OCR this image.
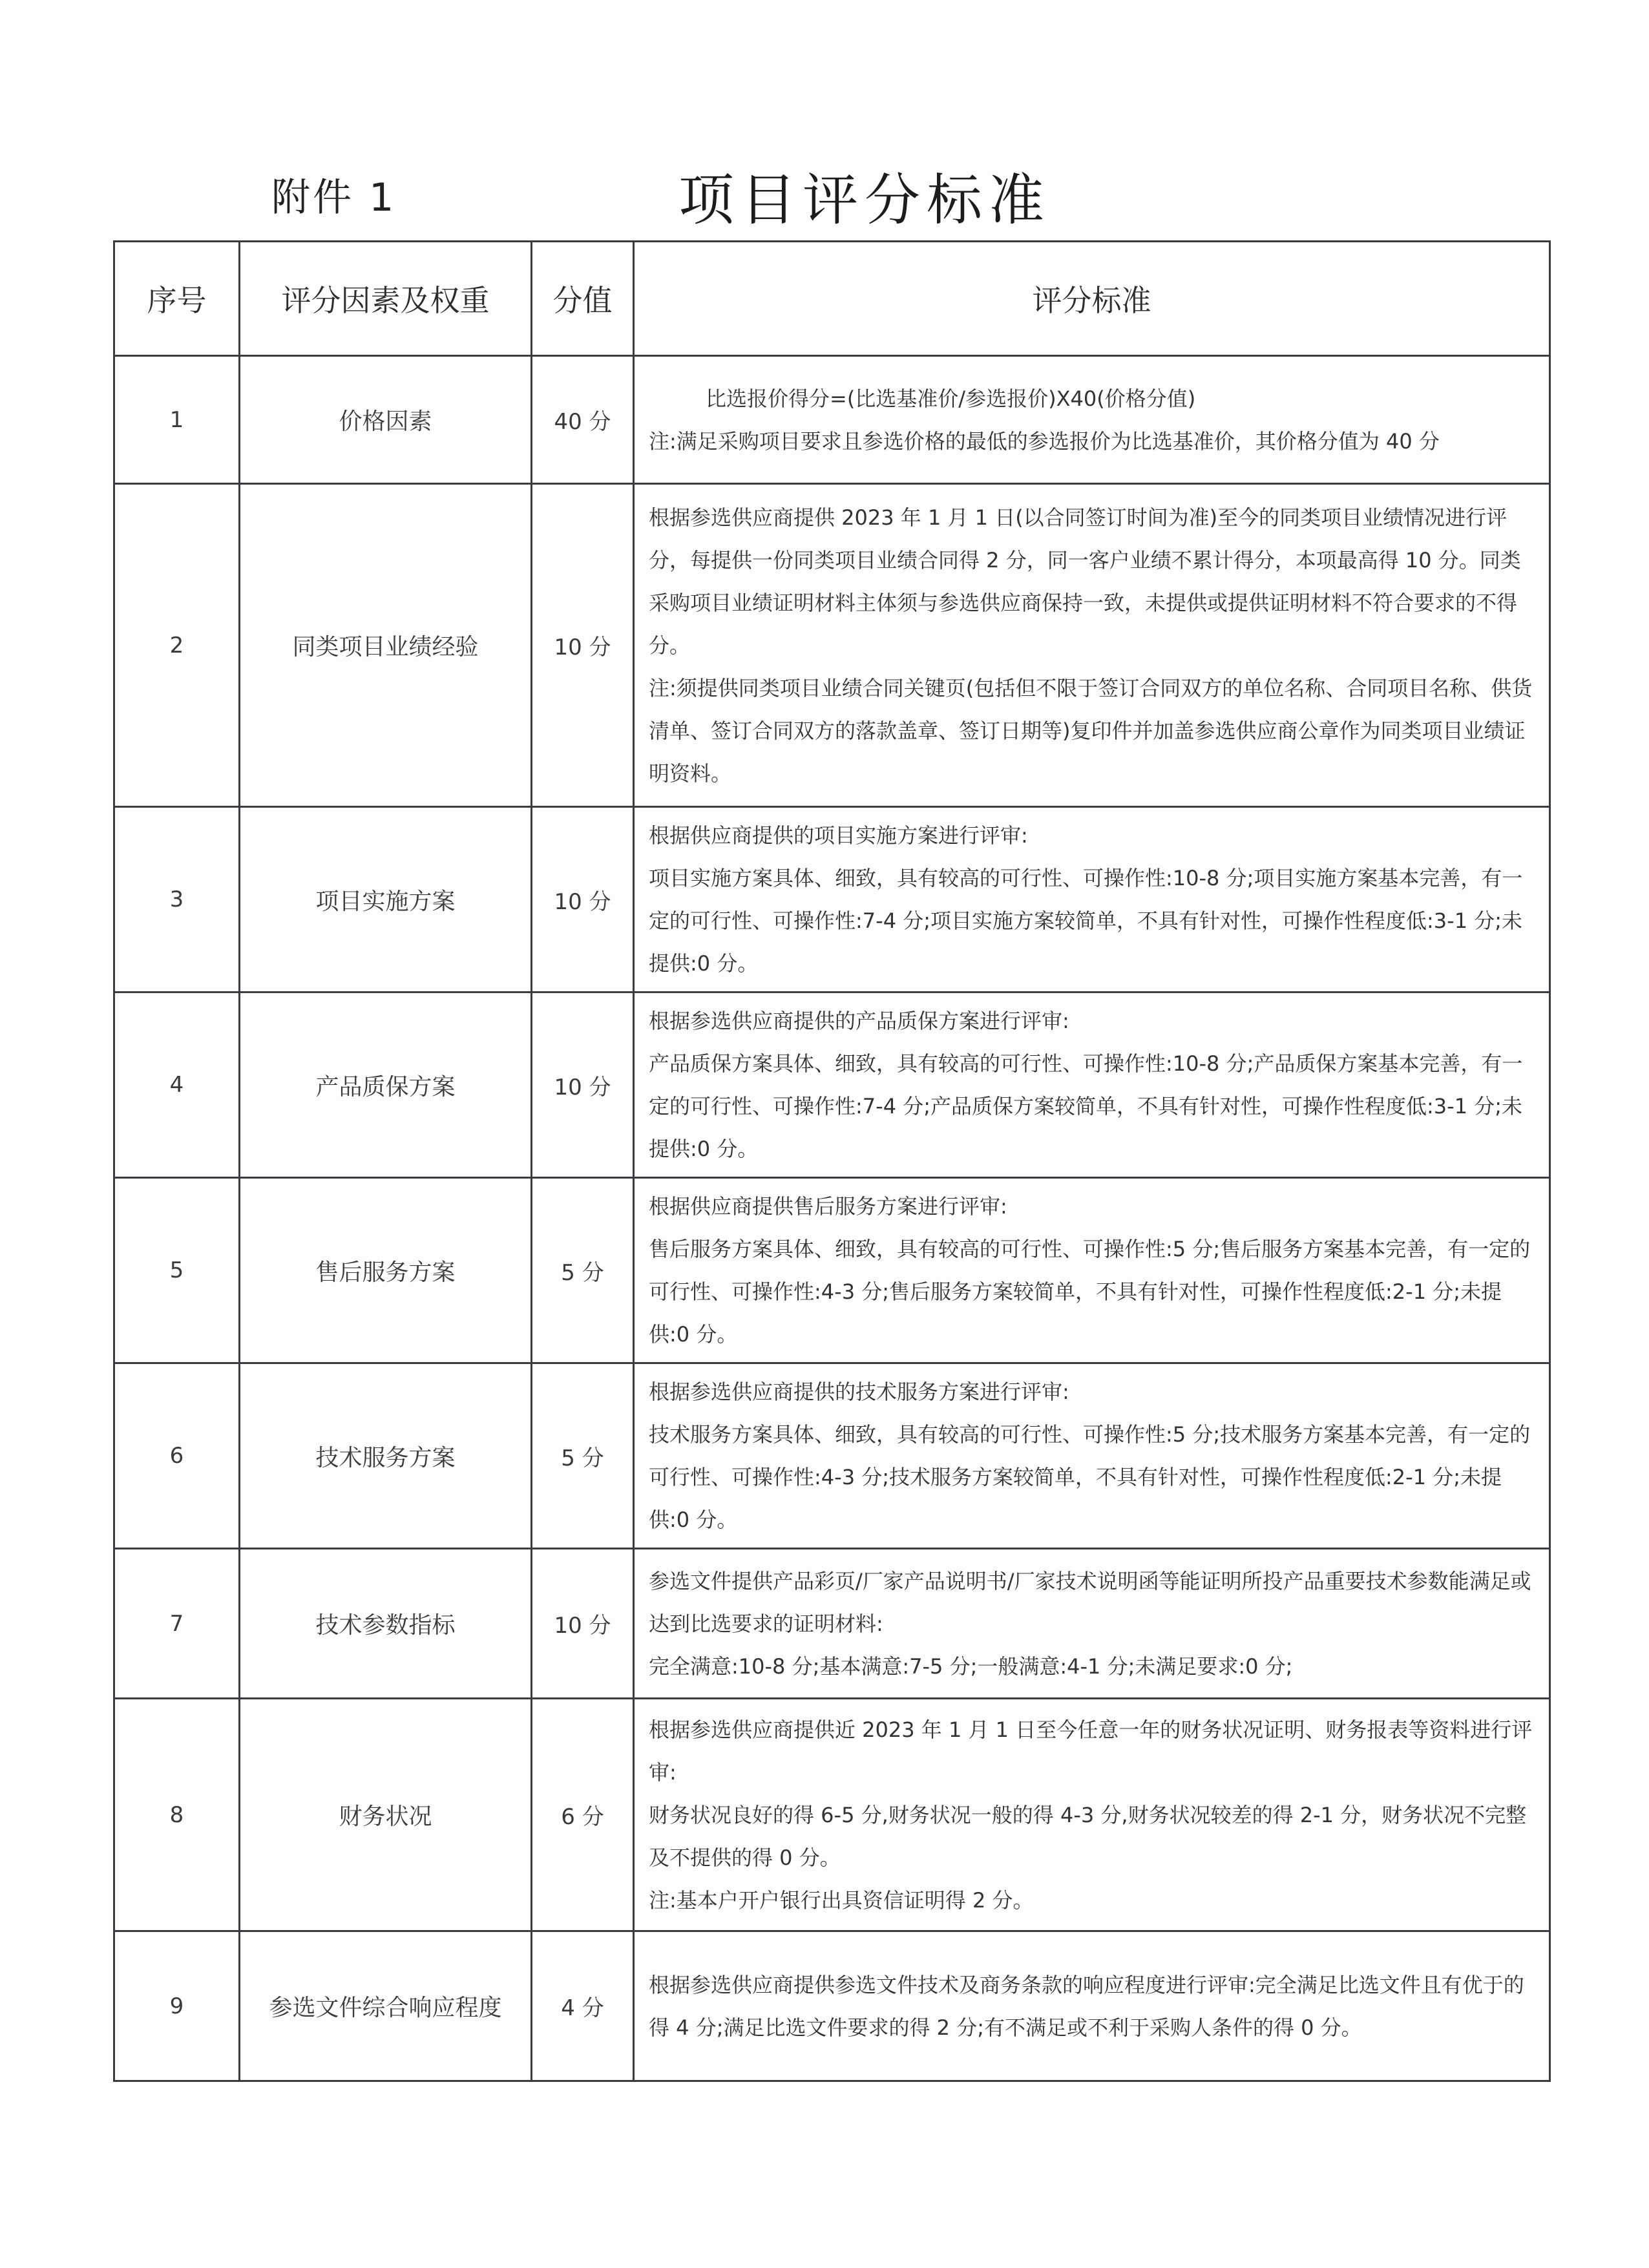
附件 1	项目评分标准
序号	评分因素及权重	分值	评分标准
1	价格因素	40 分	比选报价得分=(比选基准价/参选报价)X40(价格分值)

注:满足采购项目要求且参选价格的最低的参选报价为比选基准价，其价格分值为 40 分

2	同类项目业绩经验	10 分	根据参选供应商提供 2023 年 1 月 1 日(以合同签订时间为准)至今的同类项目业绩情况进行评分，每提供一份同类项目业绩合同得 2 分，同一客户业绩不累计得分，本项最高得 10 分。同类采购项目业绩证明材料主体须与参选供应商保持一致，未提供或提供证明材料不符合要求的不得分。

注:须提供同类项目业绩合同关键页(包括但不限于签订合同双方的单位名称、合同项目名称、供货清单、签订合同双方的落款盖章、签订日期等)复印件并加盖参选供应商公章作为同类项目业绩证明资料。

3	项目实施方案	10 分	根据供应商提供的项目实施方案进行评审:

项目实施方案具体、细致，具有较高的可行性、可操作性:10-8 分;项目实施方案基本完善，有一定的可行性、可操作性:7-4 分;项目实施方案较简单，不具有针对性，可操作性程度低:3-1 分;未提供:0 分。

4	产品质保方案	10 分	根据参选供应商提供的产品质保方案进行评审:

产品质保方案具体、细致，具有较高的可行性、可操作性:10-8 分;产品质保方案基本完善，有一定的可行性、可操作性:7-4 分;产品质保方案较简单，不具有针对性，可操作性程度低:3-1 分;未提供:0 分。

5	售后服务方案	5 分	根据供应商提供售后服务方案进行评审:

售后服务方案具体、细致，具有较高的可行性、可操作性:5 分;售后服务方案基本完善，有一定的可行性、可操作性:4-3 分;售后服务方案较简单，不具有针对性，可操作性程度低:2-1 分;未提供:0 分。

6	技术服务方案	5 分	根据参选供应商提供的技术服务方案进行评审:

技术服务方案具体、细致，具有较高的可行性、可操作性:5 分;技术服务方案基本完善，有一定的可行性、可操作性:4-3 分;技术服务方案较简单，不具有针对性，可操作性程度低:2-1 分;未提供:0 分。

7	技术参数指标	10 分	参选文件提供产品彩页/厂家产品说明书/厂家技术说明函等能证明所投产品重要技术参数能满足或达到比选要求的证明材料:

完全满意:10-8 分;基本满意:7-5 分;一般满意:4-1 分;未满足要求:0 分;

8	财务状况	6 分	根据参选供应商提供近 2023 年 1 月 1 日至今任意一年的财务状况证明、财务报表等资料进行评审:

财务状况良好的得 6-5 分,财务状况一般的得 4-3 分,财务状况较差的得 2-1 分，财务状况不完整及不提供的得 0 分。

注:基本户开户银行出具资信证明得 2 分。

9	参选文件综合响应程度	4 分	根据参选供应商提供参选文件技术及商务条款的响应程度进行评审:完全满足比选文件且有优于的得 4 分;满足比选文件要求的得 2 分;有不满足或不利于采购人条件的得 0 分。
